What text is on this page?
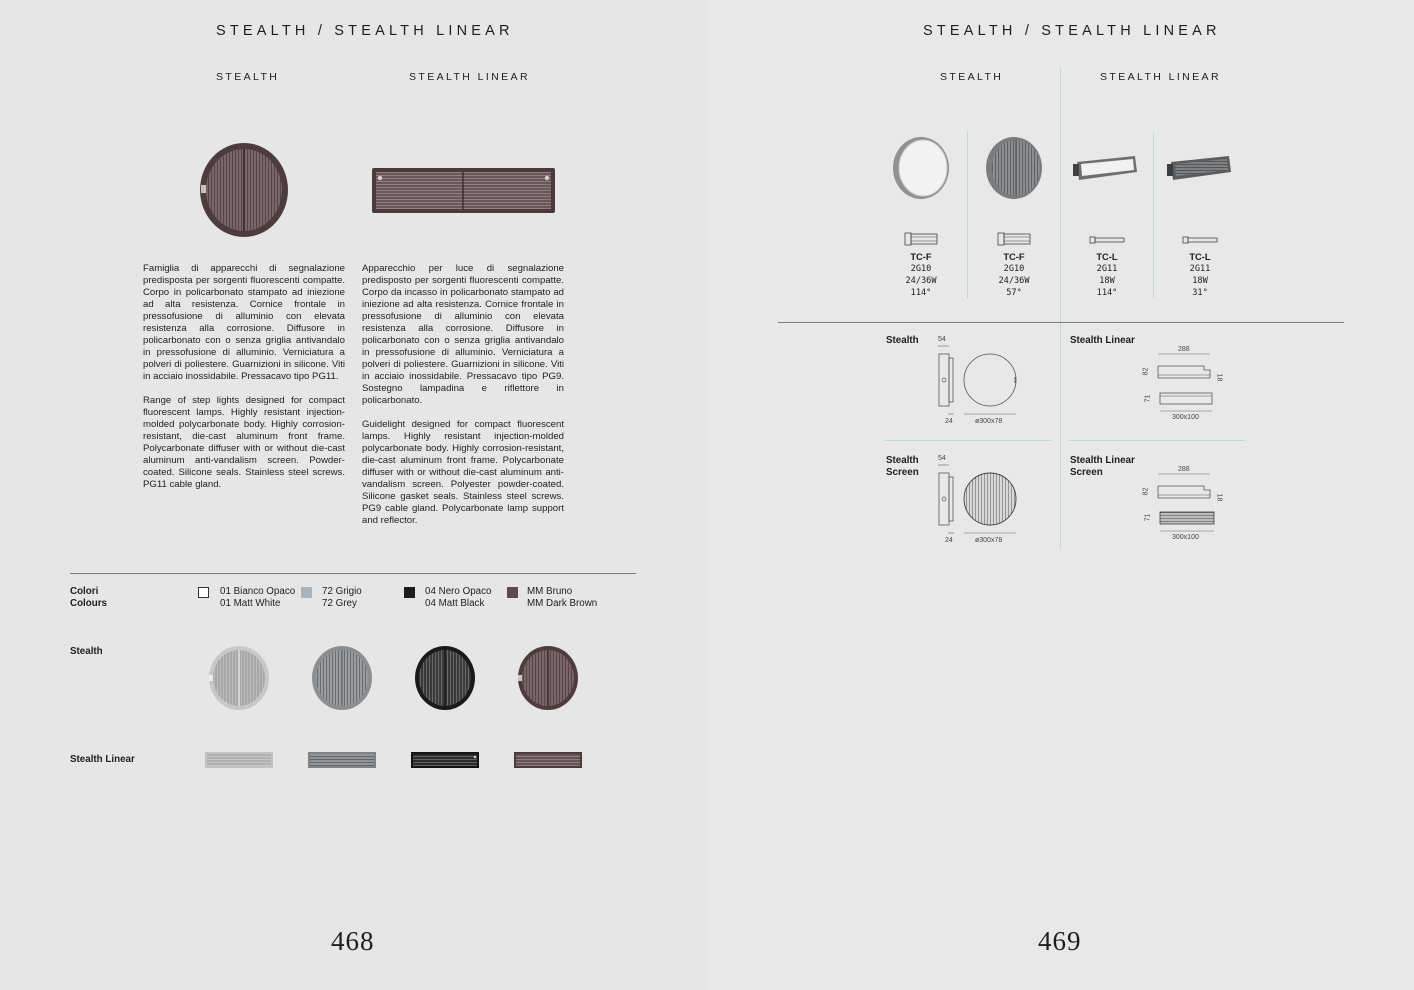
STEALTH / STEALTH LINEAR
STEALTH	STEALTH LINEAR

Famiglia di apparecchi di segnalazione predisposta per sorgenti fluorescenti compatte. Corpo in policarbonato stampato ad iniezione ad alta resistenza. Cornice frontale in pressofusione di alluminio con elevata resistenza alla corrosione. Diffusore in policarbonato con o senza griglia antivandalo in pressofusione di alluminio. Verniciatura a polveri di poliestere. Guarnizioni in silicone. Viti in acciaio inossidabile. Pressacavo tipo PG11.

Range of step lights designed for compact fluorescent lamps. Highly resistant injection-molded polycarbonate body. Highly corrosion-resistant, die-cast aluminum front frame. Polycarbonate diffuser with or without die-cast aluminum anti-vandalism screen. Powder-coated. Silicone seals. Stainless steel screws. PG11 cable gland.

Apparecchio per luce di segnalazione predisposto per sorgenti fluorescenti compatte. Corpo da incasso in policarbonato stampato ad iniezione ad alta resistenza. Cornice frontale in pressofusione di alluminio con elevata resistenza alla corrosione. Diffusore in policarbonato con o senza griglia antivandalo in pressofusione di alluminio. Verniciatura a polveri di poliestere. Guarnizioni in silicone. Viti in acciaio inossidabile. Pressacavo tipo PG9. Sostegno lampadina e riflettore in policarbonato.

Guidelight designed for compact fluorescent lamps. Highly resistant injection-molded polycarbonate body. Highly corrosion-resistant, die-cast aluminum front frame. Polycarbonate diffuser with or without die-cast aluminum anti-vandalism screen. Polyester powder-coated. Silicone gasket seals. Stainless steel screws. PG9 cable gland. Polycarbonate lamp support and reflector.

Colori
Colours
01 Bianco Opaco
01 Matt White
72 Grigio
72 Grey
04 Nero Opaco
04 Matt Black
MM Bruno
MM Dark Brown
Stealth
Stealth Linear
468
STEALTH / STEALTH LINEAR
STEALTH	STEALTH LINEAR
TC-F
2G10
24/36W
114°
TC-F
2G10
24/36W
57°
TC-L
2G11
18W
114°
TC-L
2G11
18W
31°
Stealth	54
24	ø300x78
Stealth
Screen
54
24	ø300x78
Stealth Linear
288
82
18
71
300x100
Stealth Linear
Screen	288
82
18
71
300x100
469
